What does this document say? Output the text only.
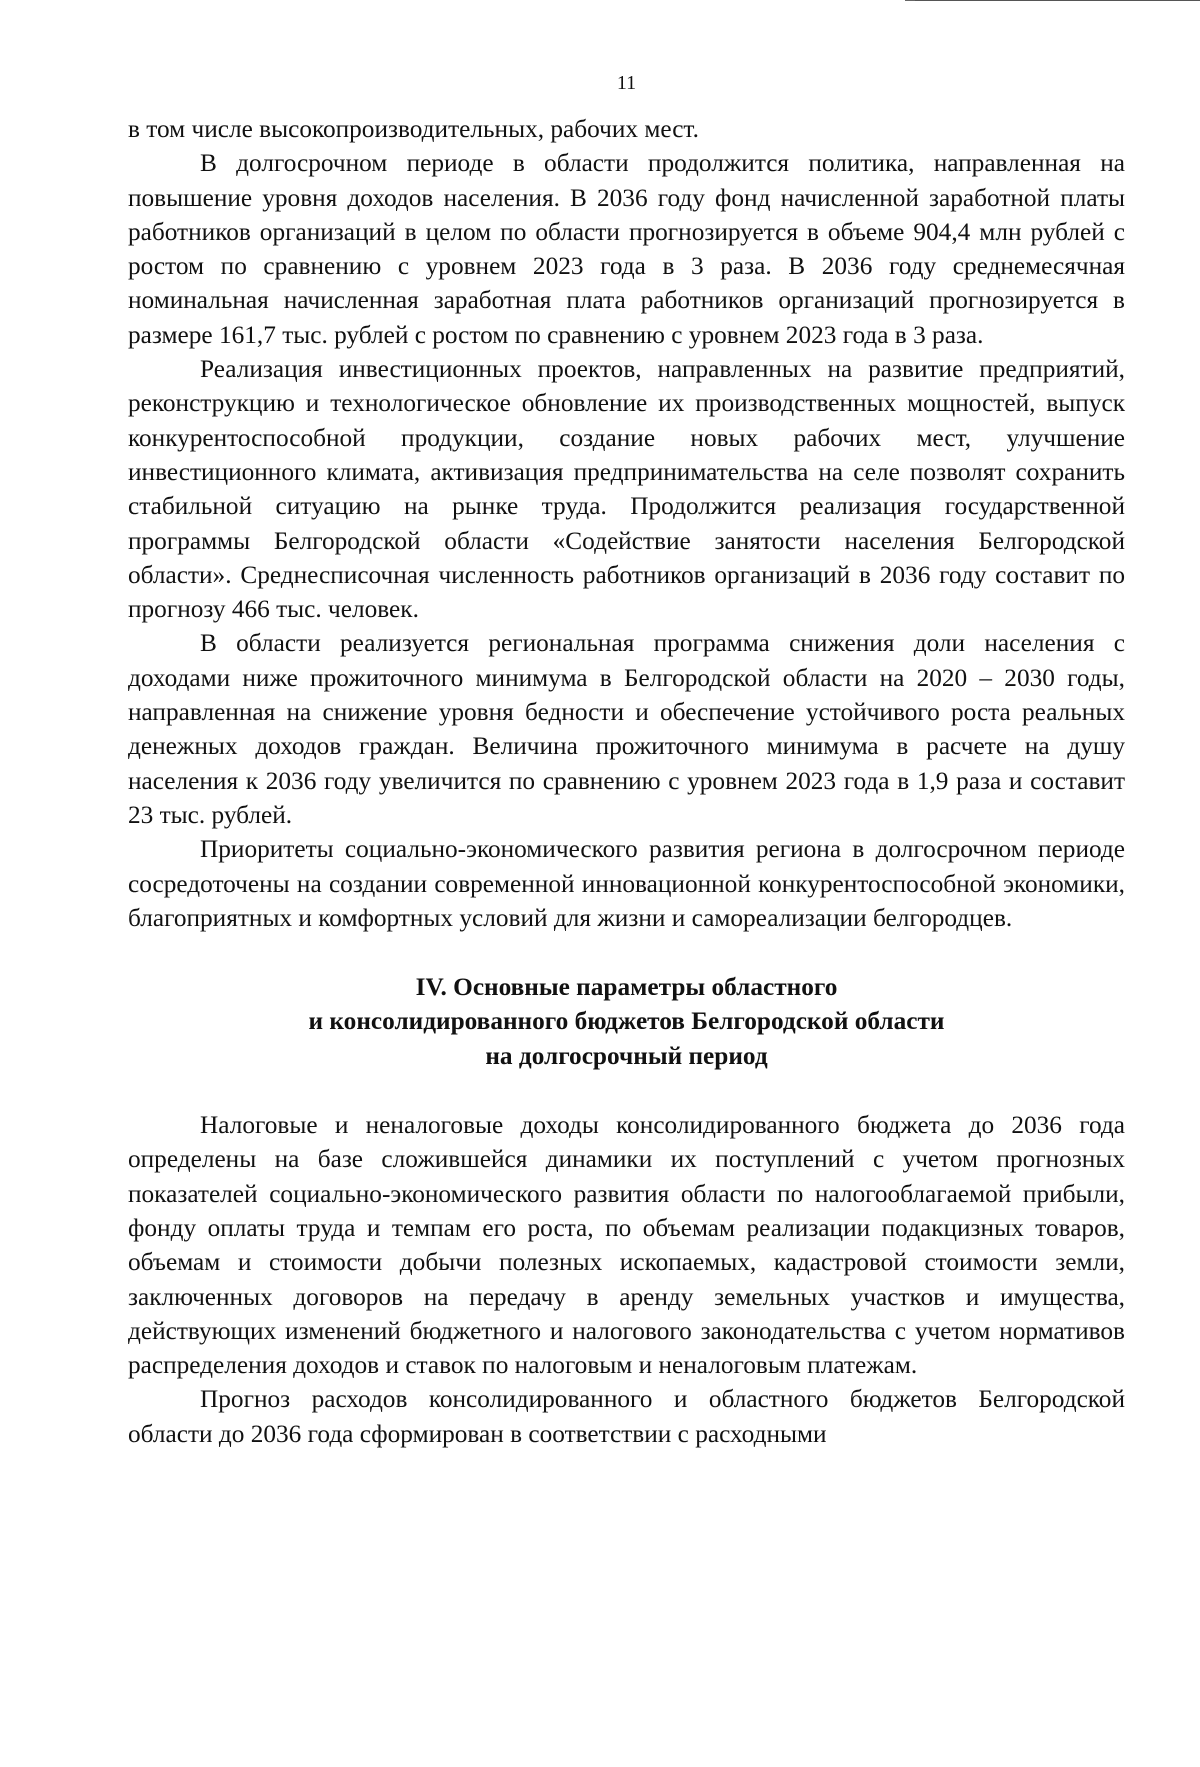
11

в том числе высокопроизводительных, рабочих мест.

В долгосрочном периоде в области продолжится политика, направленная на повышение уровня доходов населения. В 2036 году фонд начисленной заработной платы работников организаций в целом по области прогнозируется в объеме 904,4 млн рублей с ростом по сравнению с уровнем 2023 года в 3 раза. В 2036 году среднемесячная номинальная начисленная заработная плата работников организаций прогнозируется в размере 161,7 тыс. рублей с ростом по сравнению с уровнем 2023 года в 3 раза.

Реализация инвестиционных проектов, направленных на развитие предприятий, реконструкцию и технологическое обновление их производственных мощностей, выпуск конкурентоспособной продукции, создание новых рабочих мест, улучшение инвестиционного климата, активизация предпринимательства на селе позволят сохранить стабильной ситуацию на рынке труда. Продолжится реализация государственной программы Белгородской области «Содействие занятости населения Белгородской области». Среднесписочная численность работников организаций в 2036 году составит по прогнозу 466 тыс. человек.

В области реализуется региональная программа снижения доли населения с доходами ниже прожиточного минимума в Белгородской области на 2020 – 2030 годы, направленная на снижение уровня бедности и обеспечение устойчивого роста реальных денежных доходов граждан. Величина прожиточного минимума в расчете на душу населения к 2036 году увеличится по сравнению с уровнем 2023 года в 1,9 раза и составит 23 тыс. рублей.

Приоритеты социально-экономического развития региона в долгосрочном периоде сосредоточены на создании современной инновационной конкурентоспособной экономики, благоприятных и комфортных условий для жизни и самореализации белгородцев.

IV. Основные параметры областного

и консолидированного бюджетов Белгородской области

на долгосрочный период

Налоговые и неналоговые доходы консолидированного бюджета до 2036 года определены на базе сложившейся динамики их поступлений с учетом прогнозных показателей социально-экономического развития области по налогооблагаемой прибыли, фонду оплаты труда и темпам его роста, по объемам реализации подакцизных товаров, объемам и стоимости добычи полезных ископаемых, кадастровой стоимости земли, заключенных договоров на передачу в аренду земельных участков и имущества, действующих изменений бюджетного и налогового законодательства с учетом нормативов распределения доходов и ставок по налоговым и неналоговым платежам.

Прогноз расходов консолидированного и областного бюджетов Белгородской области до 2036 года сформирован в соответствии с расходными
